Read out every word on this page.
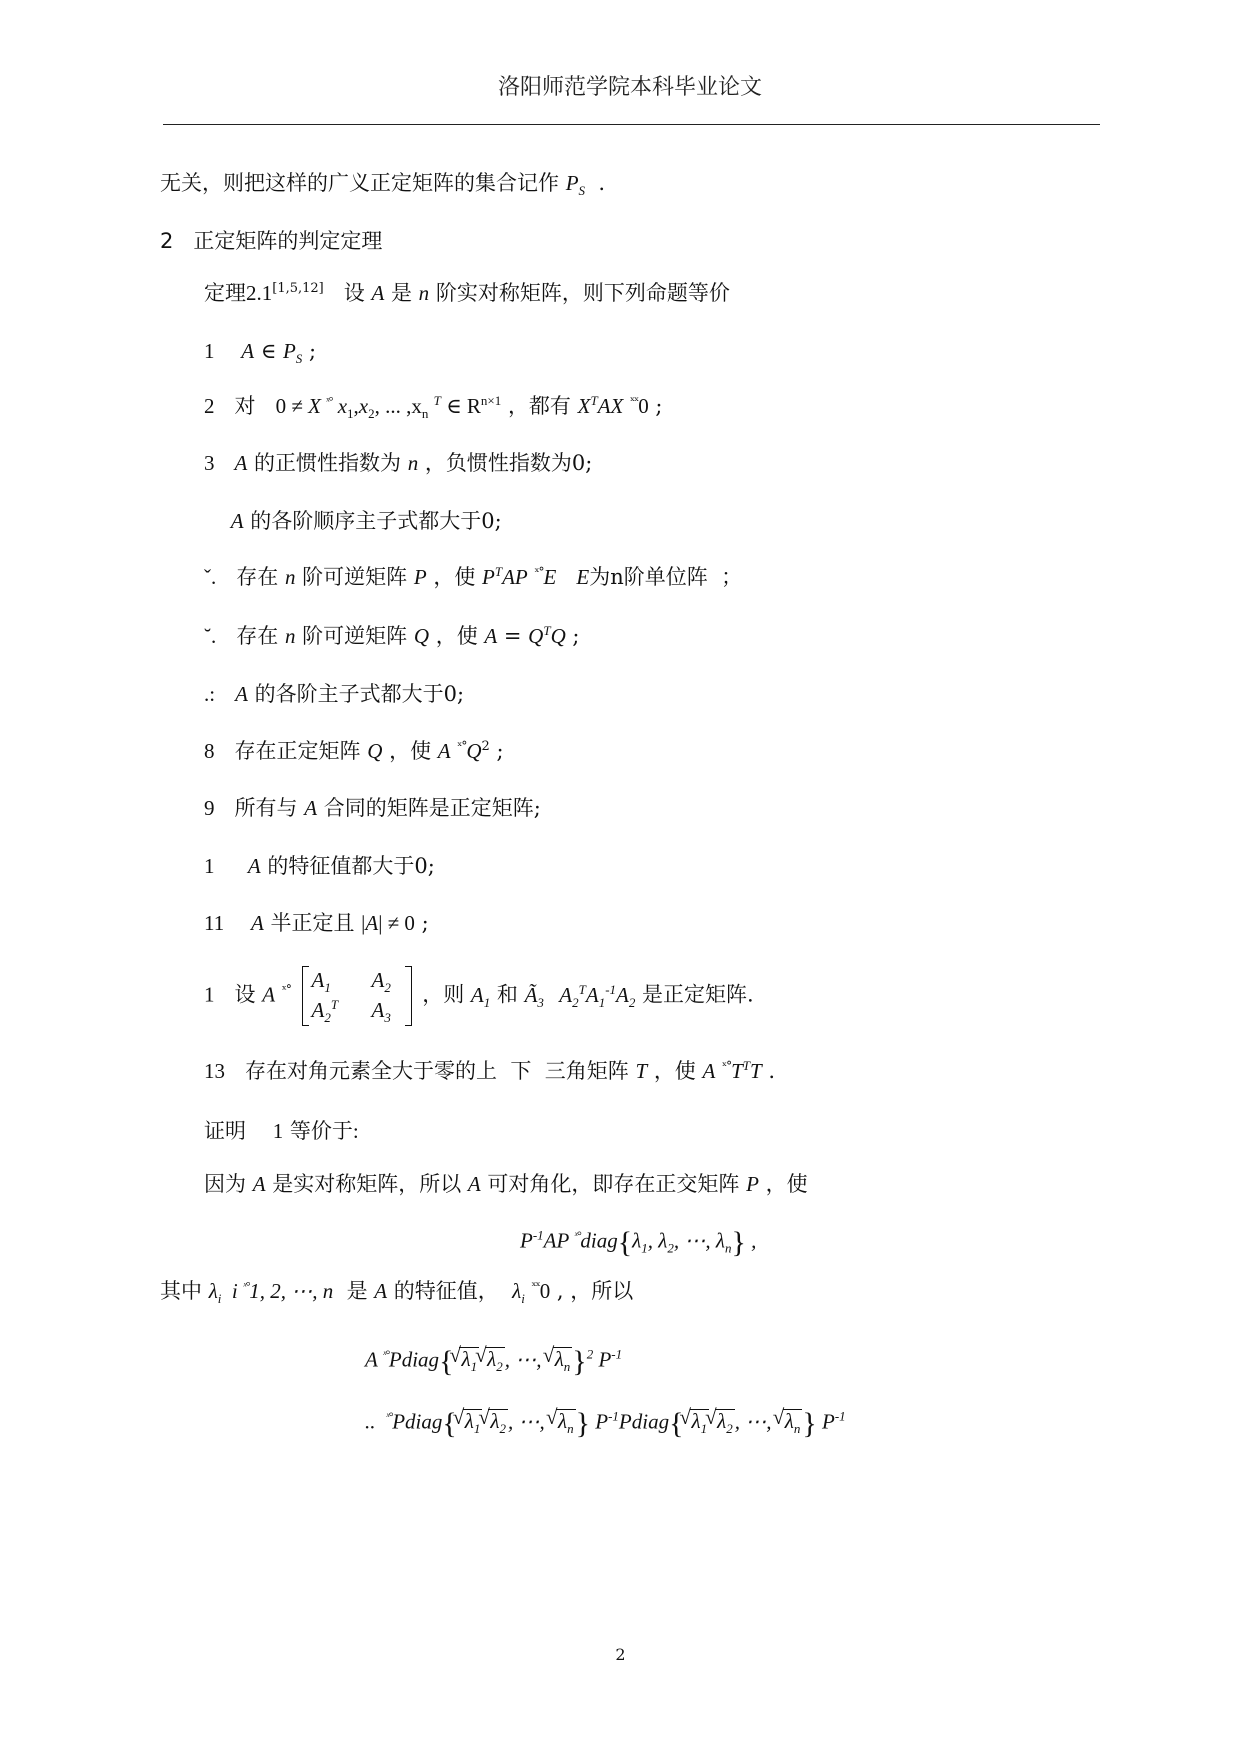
洛阳师范学院本科毕业论文
无关，则把这样的广义正定矩阵的集合记作 $P_S$ .
2 正定矩阵的判定定理
定理2.1[1,5,12] 设 A 是 n 阶实对称矩阵，则下列命题等价
1 A ∈ $P_S$ ;
2 对 0 ≠ X $^{ˣ^\circ}$ $x_1,x_2$, ... $,x_n$ $^T$ ∈ $R^{n\times 1}$ ，都有 $X^TAX$ $^{ˣˣ}$0 ;
3 A 的正惯性指数为 n ，负惯性指数为0;
A 的各阶顺序主子式都大于0;
ˇ. 存在 n 阶可逆矩阵 P ，使 $P^TAP$ $^{ˣ^\circ}$E E为n阶单位阵 ；
˘. 存在 n 阶可逆矩阵 Q ，使 $A = Q^TQ$ ;
.: A 的各阶主子式都大于0;
8 存在正定矩阵 Q ，使 A $^{ˣ^\circ}Q^2$ ;
9 所有与 A 合同的矩阵是正定矩阵;
1 A 的特征值都大于0;
11 A 半正定且 |A| ≠ 0 ;
1 设 A $^{ˣ^\circ}$ $A_1$	$A_2$
$A_2^T$ $A_3$
，则 $A_1$ 和 $Ã_3$   $A_2^TA_1^{-1}A_2$ 是正定矩阵.
13 存在对角元素全大于零的上 下 三角矩阵 T ，使 A $^{ˣ^\circ}T^TT$ .
证明 1 等价于:
因为 A 是实对称矩阵，所以 A 可对角化，即存在正交矩阵 P ，使
$P^{-1}AP$ $^{ˣ^\circ}diag\{\lambda_1$, $\lambda_2$, ⋯, $\lambda_n$} ,
其中 $\lambda_i$  i $^{ˣ^\circ}$1, 2, ⋯, n 是 A 的特征值， $\lambda_i$ $^{ˣˣ}$0 , ，所以
A $^{ˣ^\circ}$Pdiag{√ $\lambda_1√$ $\lambda_2$, ⋯, √ $\lambda_n\}^2$ $P^{-1}$
.. $^{ˣ^\circ}$Pdiag{√ $\lambda_1√$ $\lambda_2$, ⋯, √ $\lambda_n$} $P^{-1}Pdiag\{√$ $\lambda_1√$ $\lambda_2$, ⋯, √ $\lambda_n$} $P^{-1}$
2
